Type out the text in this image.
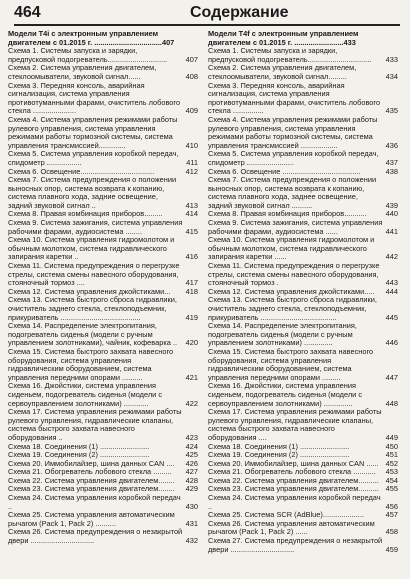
464	Содержание
Модели T4i с электронным управлением двигателем с 01.2015 г. .................................407
Схема 1. Системы запуска и зарядки, предпусковой подогреватель.............................	407
Схема 2. Система управления двигателем, стеклоомыватели, звуковой сигнал......	408
Схема 3. Передняя консоль, аварийная сигнализация, система управления противотуманными фарами, очиститель лобового стекла .....................	409
Схема 4. Система управления режимами работы рулевого управления, система управления режимами работы тормозной системы, система управления трансмиссией.............	410
Схема 5. Система управления коробкой передач, спидометр .................	411
Схема 6. Освещение....................................	412
Схема 7. Система предупреждения о положении выносных опор, система возврата к копанию, система плавного хода, задние освещение, задний звуковой сигнал ..	413
Схема 8. Правая комбинация приборов.........	414
Схема 9. Система зажигания, система управления рабочими фарами, аудиосистема ........	415
Схема 10. Система управления гидромолотом и обычным молотком, система гидравлического запирания каретки ..	416
Схема 11. Система предупреждения о перегрузке стрелы, система смены навесного оборудования, стояночный тормоз ....	417
Схема 12. Система управления джойстиками...	418
Схема 13. Система быстрого сброса гидравлики, очиститель заднего стекла, стеклоподъемник, прикуриватель .......................................	419
Схема 14. Распределение электропитания, подогреватель сиденья (модели с ручным управлением золотниками), чайник, кофеварка ..	420
Схема 15. Система быстрого захвата навесного оборудования, система управления гидравлическим оборудованием, система управления передними опорами ..........	421
Схема 16. Джойстики, система управления сиденьем, подогреватель сиденья (модели с сервоуправлением золотниками) ............	422
Схема 17. Система управления режимами работы рулевого управления, гидравлические клапаны, система быстрого захвата навесного оборудования ..	423
Схема 18. Соединения (1) ........................	424
Схема 19. Соединения (2) ........................	425
Схема 20. Иммобилайзер, шина данных CAN ....	426
Схема 21. Обогреватель лобового стекла .........	427
Схема 22. Система управления двигателем........	428
Схема 23. Система управления двигателем........	429
Схема 24. Система управления коробкой передач ..	430
Схема 25. Система управления автоматическим рычагом (Pack 1, Pack 2) ..........	431
Схема 26. Система предупреждения о незакрытой двери ...............................	432
Модели T4f с электронным управлением двигателем с 01.2015 г. ........................433
Схема 1. Системы запуска и зарядки, предпусковой подогреватель...............................	433
Схема 2. Система управления двигателем, стеклоомыватели, звуковой сигнал.........	434
Схема 3. Передняя консоль, аварийная сигнализация, система управления противотуманными фарами, очиститель лобового стекла ...............	435
Схема 4. Система управления режимами работы рулевого управления, система управления режимами работы тормозной системы, система управления трансмиссией ..................	436
Схема 5. Система управления коробкой передач, спидометр .......................	437
Схема 6. Освещение ......................................	438
Схема 7. Система предупреждения о положении выносных опор, система возврата к копанию, система плавного хода, заднее освещение, задний звуковой сигнал ..........	439
Схема 8. Правая комбинация приборов...........	440
Схема 9. Система зажигания, система управления рабочими фарами, аудиосистема ......	441
Схема 10. Система управления гидромолотом и обычным молотком, система гидравлического запирания каретки ......	442
Схема 11. Система предупреждения о перегрузке стрелы, система смены навесного оборудования, стояночный тормоз .	443
Схема 12. Система управления джойстиками.....	444
Схема 13. Система быстрого сброса гидравлики, очиститель заднего стекла, стеклоподъемник, прикуриватель .....................................	445
Схема 14. Распределение электропитания, подогреватель сиденья (модели с ручным управлением золотниками) ..............	446
Схема 15. Система быстрого захвата навесного оборудования, система управления гидравлическим оборудованием, система управления передними опорами .........	447
Схема 16. Джойстики, система управления сиденьем, подогреватель сиденья (модели с сервоуправлением золотниками) ..............	448
Схема 17. Система управления режимами работы рулевого управления, гидравлические клапаны, система быстрого захвата навесного оборудования ....	449
Схема 18. Соединения (1) ........................	450
Схема 19. Соединения (2) ........................	451
Схема 20. Иммобилайзер, шина данных CAN ...... 452
Схема 21. Обогреватель лобового стекла ...........	453
Схема 22. Система управления двигателем.......... 454
Схема 23. Система управления двигателем.......... 455
Схема 24. Система управления коробкой передач ..	456
Схема 25. Система SCR (AdBlue)....................	457
Схема 26. Система управления автоматическим рычагом (Pack 1, Pack 2) ......	458
Схема 27. Система предупреждения о незакрытой двери ...............................	459
